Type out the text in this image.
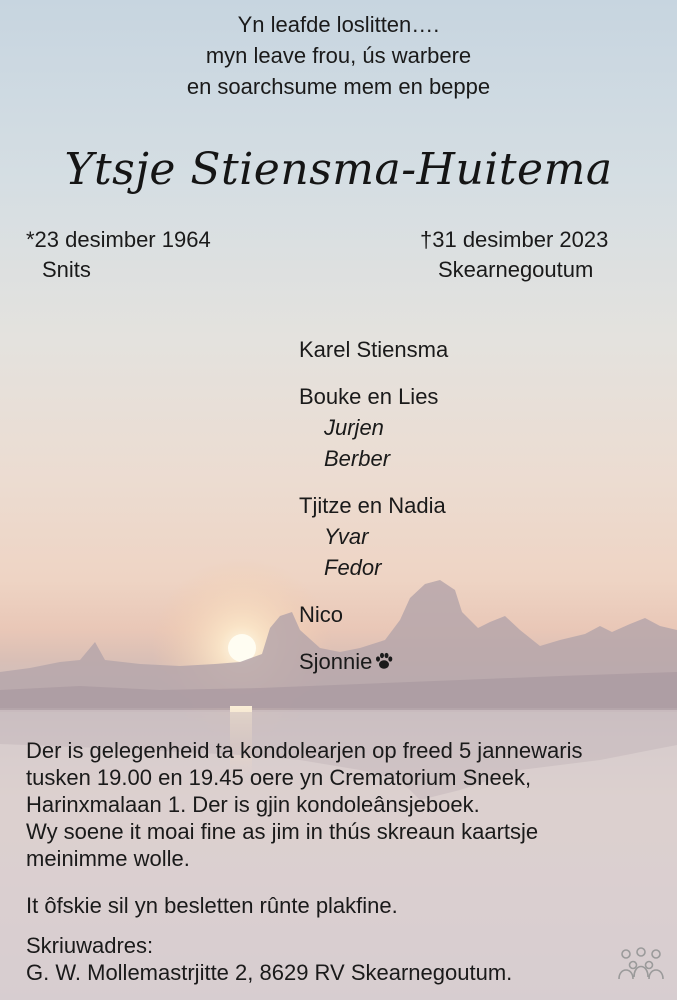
Yn leafde loslitten….
myn leave frou, ús warbere
en soarchsume mem en beppe
Ytsje Stiensma-Huitema
*23 desimber 1964
Snits
†31 desimber 2023
Skearnegoutum
Karel Stiensma
Bouke en Lies
Jurjen
Berber
Tjitze en Nadia
Yvar
Fedor
Nico
Sjonnie
Der is gelegenheid ta kondolearjen op freed 5 jannewaris
tusken 19.00 en 19.45 oere yn Crematorium Sneek,
Harinxmalaan 1. Der is gjin kondoleânsjeboek.
Wy soene it moai fine as jim in thús skreaun kaartsje
meinimme wolle.
It ôfskie sil yn besletten rûnte plakfine.
Skriuwadres:
G. W. Mollemastrjitte 2, 8629 RV Skearnegoutum.
